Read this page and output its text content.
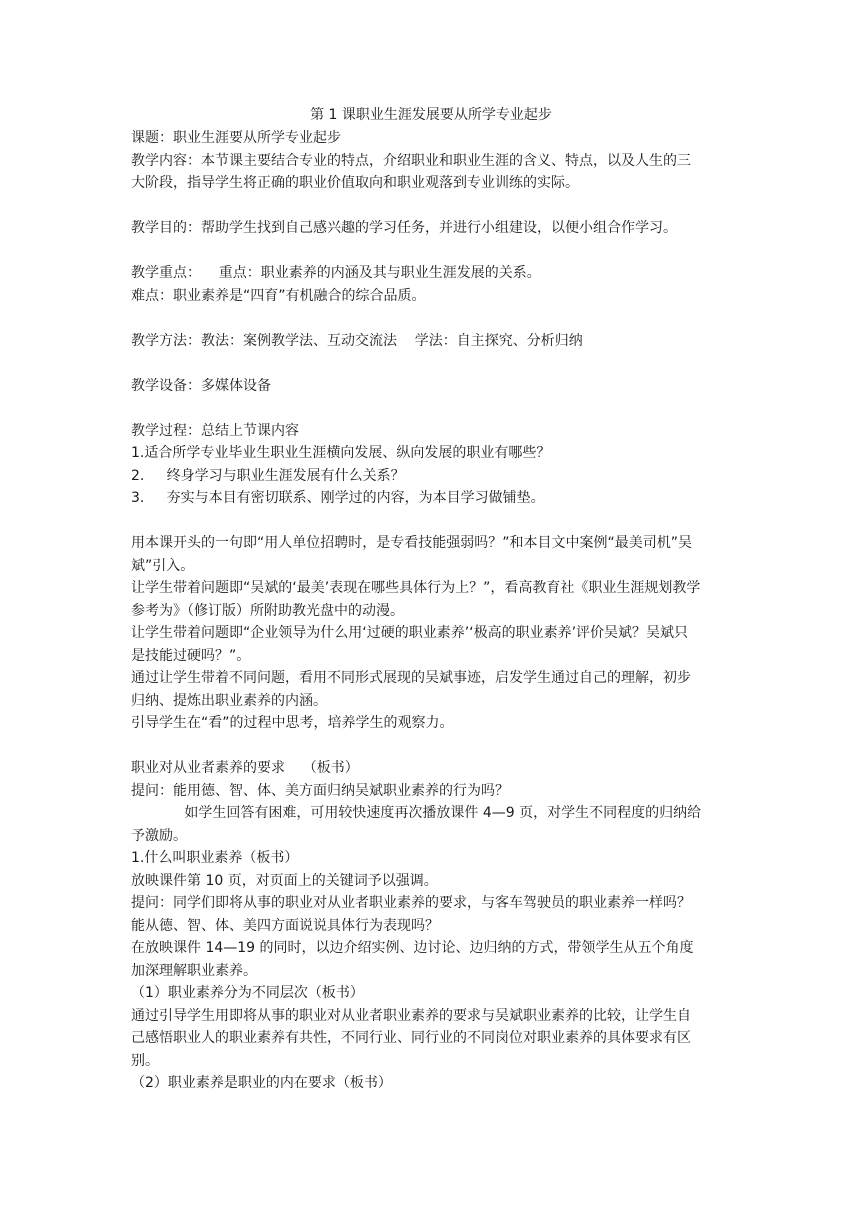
第 1 课职业生涯发展要从所学专业起步
课题：职业生涯要从所学专业起步
教学内容：本节课主要结合专业的特点，介绍职业和职业生涯的含义、特点，以及人生的三
大阶段，指导学生将正确的职业价值取向和职业观落到专业训练的实际。
教学目的：帮助学生找到自己感兴趣的学习任务，并进行小组建设，以便小组合作学习。
教学重点：    重点：职业素养的内涵及其与职业生涯发展的关系。
难点：职业素养是“四育”有机融合的综合品质。
教学方法：教法：案例教学法、互动交流法    学法：自主探究、分析归纳
教学设备：多媒体设备
教学过程：总结上节课内容
1.适合所学专业毕业生职业生涯横向发展、纵向发展的职业有哪些？
2.     终身学习与职业生涯发展有什么关系？
3.     夯实与本目有密切联系、刚学过的内容，为本目学习做铺垫。
用本课开头的一句即“用人单位招聘时，是专看技能强弱吗？”和本目文中案例“最美司机”吴
斌”引入。
让学生带着问题即“吴斌的‘最美’表现在哪些具体行为上？”，看高教育社《职业生涯规划教学
参考为》（修订版）所附助教光盘中的动漫。
让学生带着问题即“企业领导为什么用‘过硬的职业素养’‘极高的职业素养’评价吴斌？吴斌只
是技能过硬吗？”。
通过让学生带着不同问题，看用不同形式展现的吴斌事迹，启发学生通过自己的理解，初步
归纳、提炼出职业素养的内涵。
引导学生在“看”的过程中思考，培养学生的观察力。
职业对从业者素养的要求    （板书）
提问：能用德、智、体、美方面归纳吴斌职业素养的行为吗？
如学生回答有困难，可用较快速度再次播放课件 4—9 页，对学生不同程度的归纳给
予激励。
1.什么叫职业素养（板书）
放映课件第 10 页，对页面上的关键词予以强调。
提问：同学们即将从事的职业对从业者职业素养的要求，与客车驾驶员的职业素养一样吗？
能从德、智、体、美四方面说说具体行为表现吗？
在放映课件 14—19 的同时，以边介绍实例、边讨论、边归纳的方式，带领学生从五个角度
加深理解职业素养。
（1）职业素养分为不同层次（板书）
通过引导学生用即将从事的职业对从业者职业素养的要求与吴斌职业素养的比较，让学生自
己感悟职业人的职业素养有共性，不同行业、同行业的不同岗位对职业素养的具体要求有区
别。
（2）职业素养是职业的内在要求（板书）
